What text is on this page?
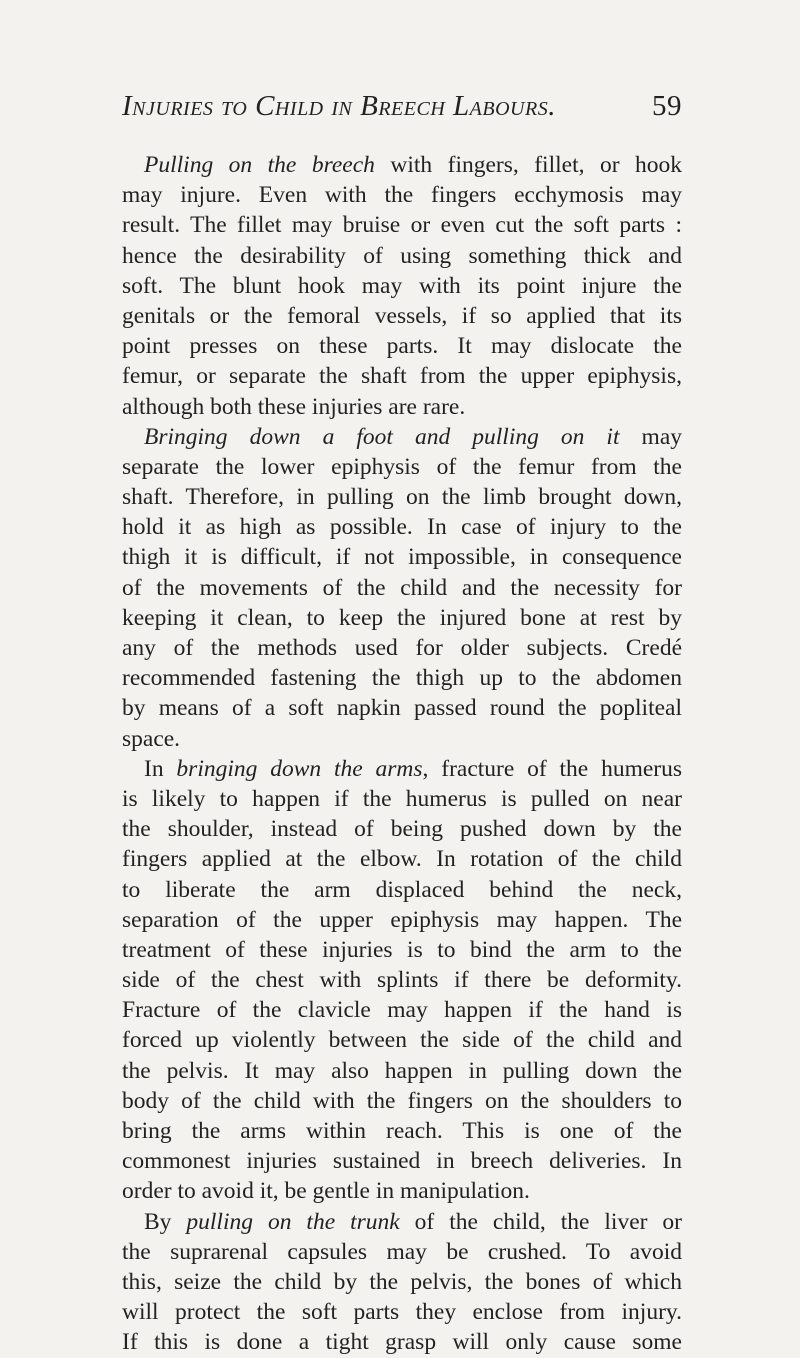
Injuries to Child in Breech Labours.	59
Pulling on the breech with fingers, fillet, or hook
may injure. Even with the fingers ecchymosis may
result. The fillet may bruise or even cut the soft parts :
hence the desirability of using something thick and
soft. The blunt hook may with its point injure the
genitals or the femoral vessels, if so applied that its
point presses on these parts. It may dislocate the
femur, or separate the shaft from the upper epiphysis,
although both these injuries are rare.
Bringing down a foot and pulling on it may
separate the lower epiphysis of the femur from the
shaft. Therefore, in pulling on the limb brought down,
hold it as high as possible. In case of injury to the
thigh it is difficult, if not impossible, in consequence
of the movements of the child and the necessity for
keeping it clean, to keep the injured bone at rest by
any of the methods used for older subjects. Credé
recommended fastening the thigh up to the abdomen
by means of a soft napkin passed round the popliteal
space.
In bringing down the arms, fracture of the humerus
is likely to happen if the humerus is pulled on near
the shoulder, instead of being pushed down by the
fingers applied at the elbow. In rotation of the child
to liberate the arm displaced behind the neck,
separation of the upper epiphysis may happen. The
treatment of these injuries is to bind the arm to the
side of the chest with splints if there be deformity.
Fracture of the clavicle may happen if the hand is
forced up violently between the side of the child and
the pelvis. It may also happen in pulling down the
body of the child with the fingers on the shoulders to
bring the arms within reach. This is one of the
commonest injuries sustained in breech deliveries. In
order to avoid it, be gentle in manipulation.
By pulling on the trunk of the child, the liver or
the suprarenal capsules may be crushed. To avoid
this, seize the child by the pelvis, the bones of which
will protect the soft parts they enclose from injury.
If this is done a tight grasp will only cause some
